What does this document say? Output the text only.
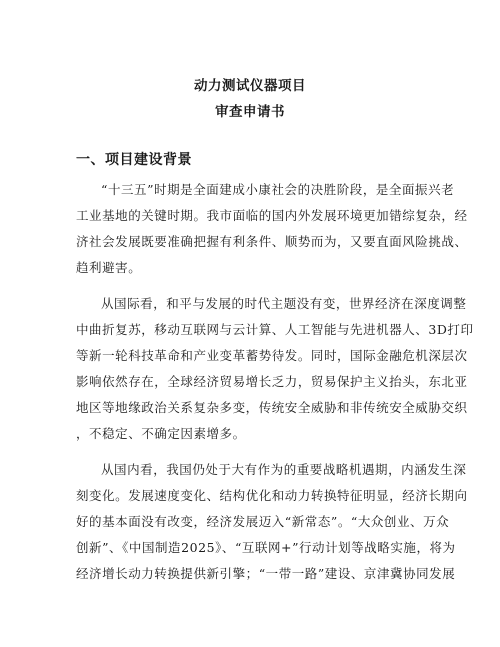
动力测试仪器项目
审查申请书
一、项目建设背景
“十三五”时期是全面建成小康社会的决胜阶段，是全面振兴老
工业基地的关键时期。我市面临的国内外发展环境更加错综复杂，经
济社会发展既要准确把握有利条件、顺势而为，又要直面风险挑战、
趋利避害。
从国际看，和平与发展的时代主题没有变，世界经济在深度调整
中曲折复苏，移动互联网与云计算、人工智能与先进机器人、3D打印
等新一轮科技革命和产业变革蓄势待发。同时，国际金融危机深层次
影响依然存在，全球经济贸易增长乏力，贸易保护主义抬头，东北亚
地区等地缘政治关系复杂多变，传统安全威胁和非传统安全威胁交织
，不稳定、不确定因素增多。
从国内看，我国仍处于大有作为的重要战略机遇期，内涵发生深
刻变化。发展速度变化、结构优化和动力转换特征明显，经济长期向
好的基本面没有改变，经济发展迈入“新常态”。“大众创业、万众
创新”、《中国制造2025》、“互联网+”行动计划等战略实施，将为
经济增长动力转换提供新引擎；“一带一路”建设、京津冀协同发展
